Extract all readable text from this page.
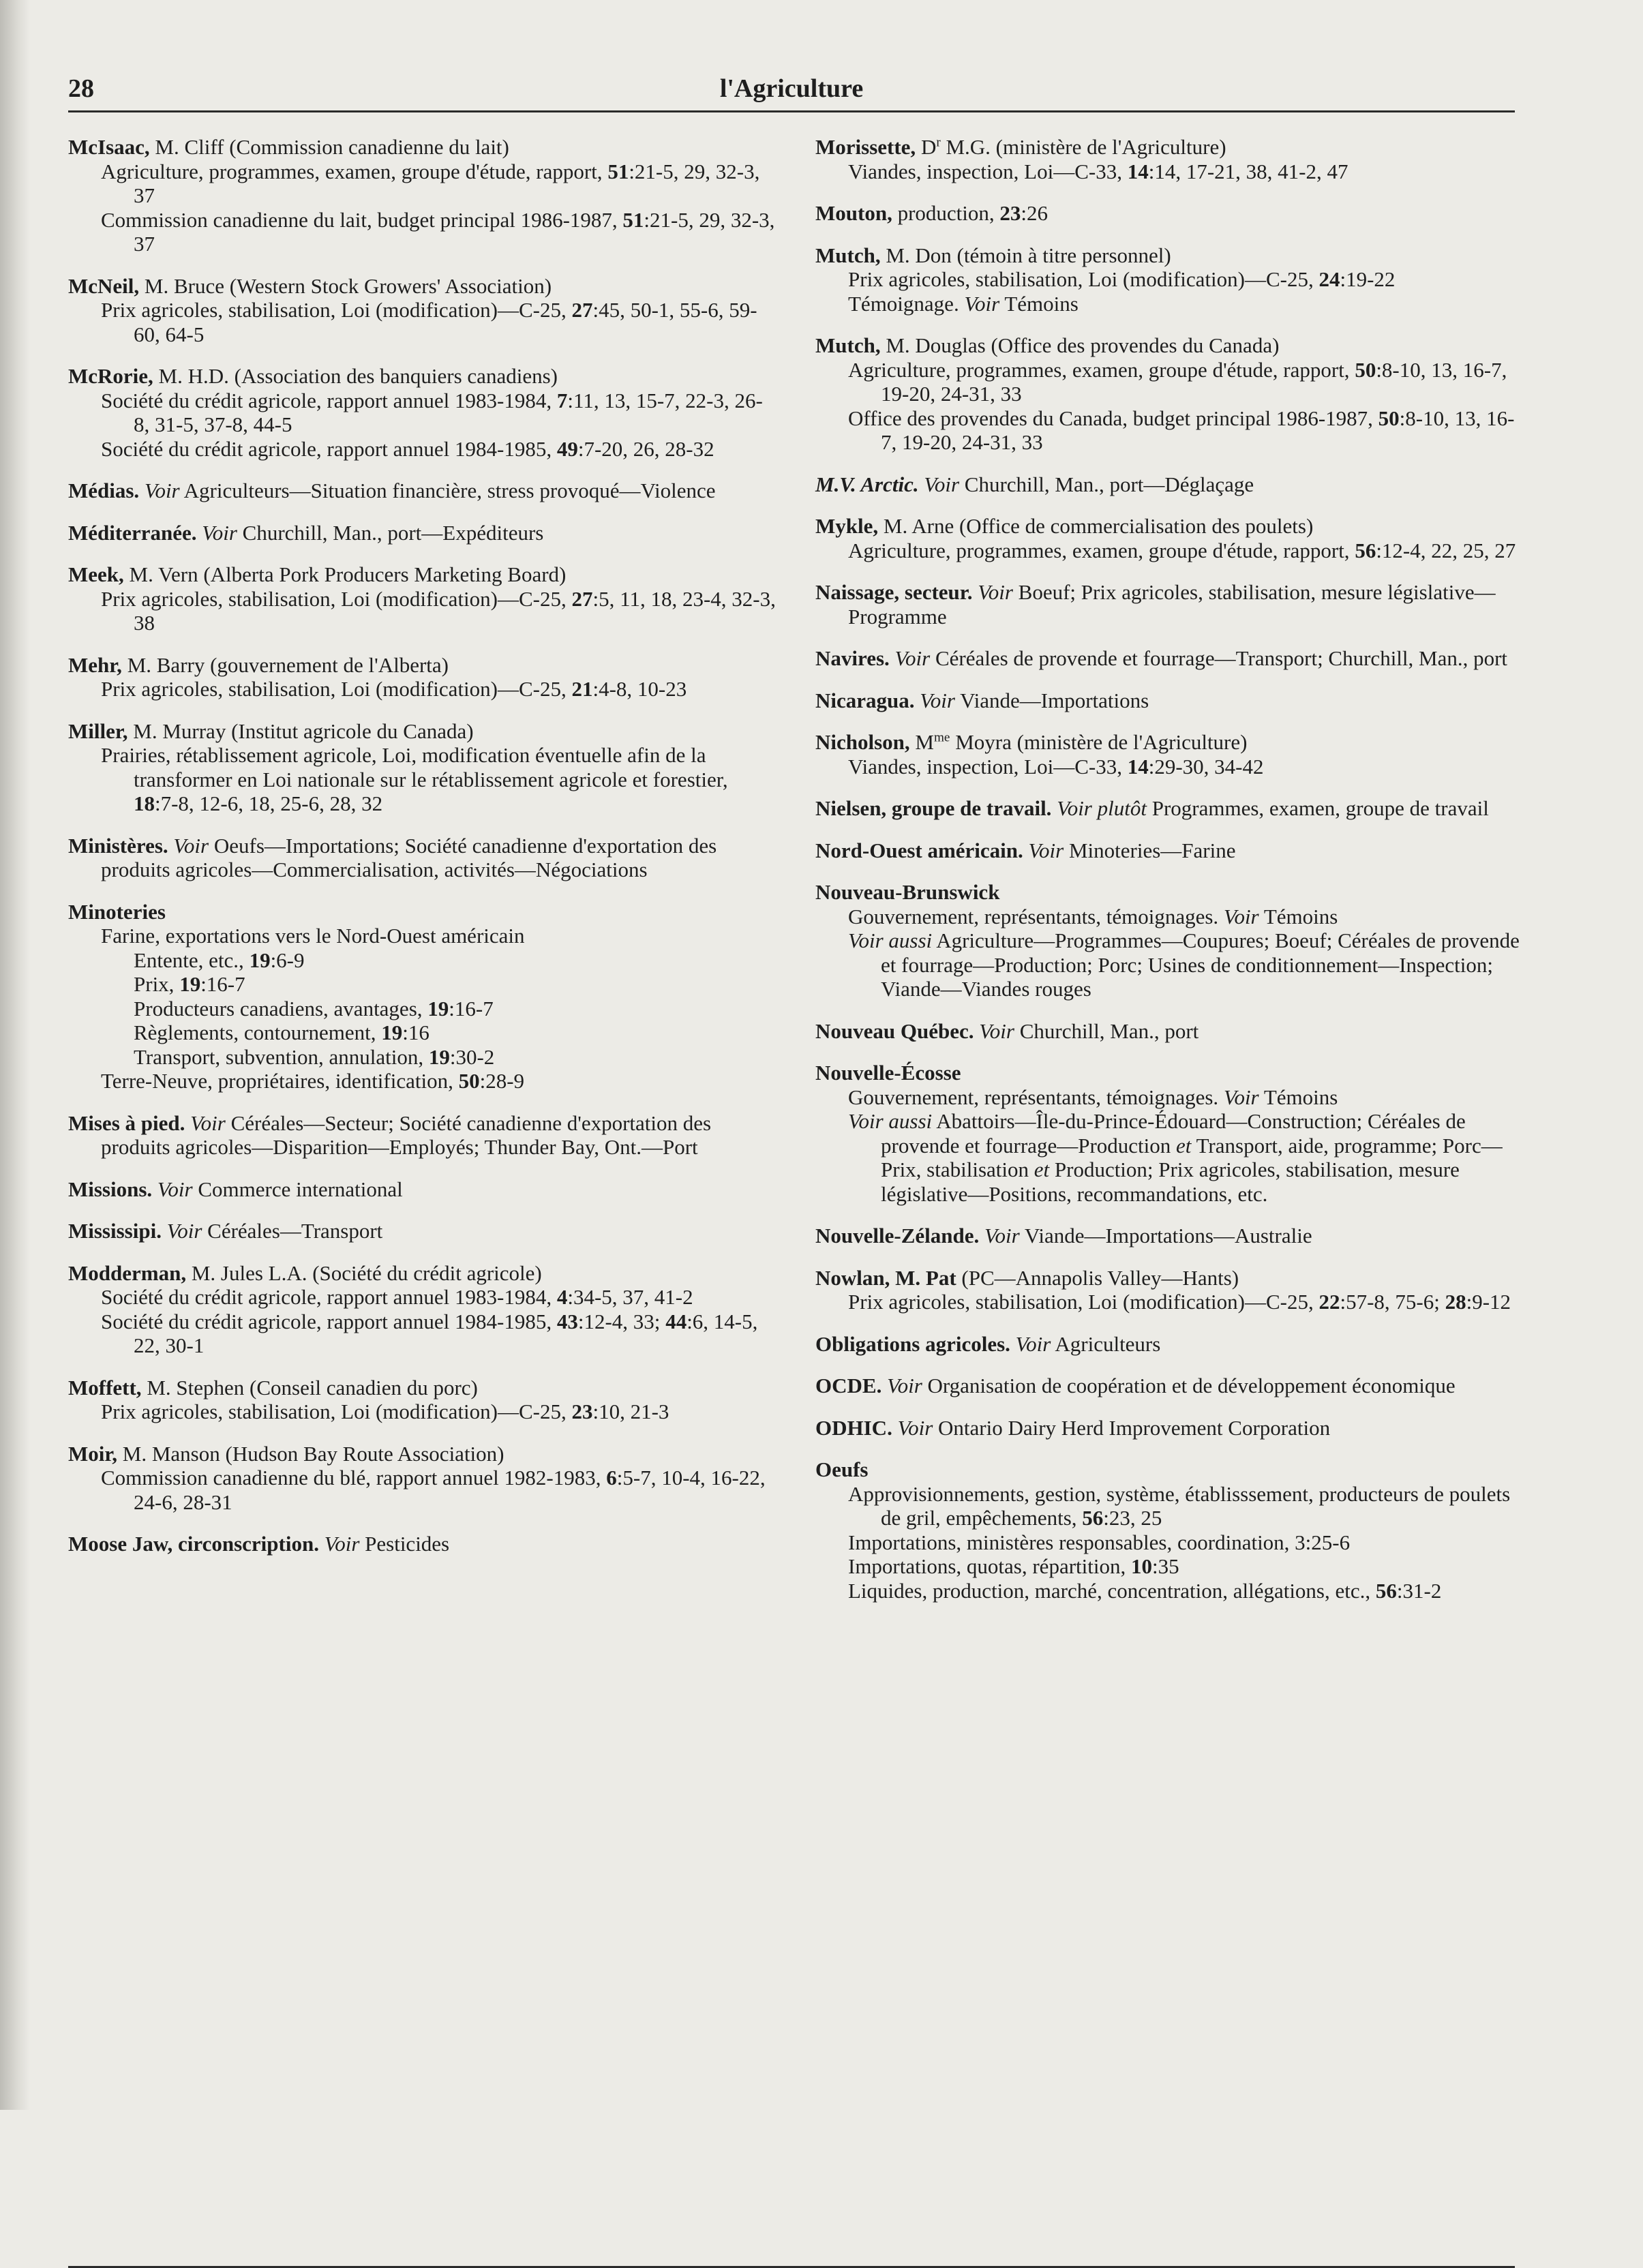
28	l'Agriculture
McIsaac, M. Cliff (Commission canadienne du lait)
Agriculture, programmes, examen, groupe d'étude, rapport, 51:21-5, 29, 32-3, 37
Commission canadienne du lait, budget principal 1986-1987, 51:21-5, 29, 32-3, 37
McNeil, M. Bruce (Western Stock Growers' Association)
Prix agricoles, stabilisation, Loi (modification)—C-25, 27:45, 50-1, 55-6, 59-60, 64-5
McRorie, M. H.D. (Association des banquiers canadiens)
Société du crédit agricole, rapport annuel 1983-1984, 7:11, 13, 15-7, 22-3, 26-8, 31-5, 37-8, 44-5
Société du crédit agricole, rapport annuel 1984-1985, 49:7-20, 26, 28-32
Médias. Voir Agriculteurs—Situation financière, stress provoqué—Violence
Méditerranée. Voir Churchill, Man., port—Expéditeurs
Meek, M. Vern (Alberta Pork Producers Marketing Board)
Prix agricoles, stabilisation, Loi (modification)—C-25, 27:5, 11, 18, 23-4, 32-3, 38
Mehr, M. Barry (gouvernement de l'Alberta)
Prix agricoles, stabilisation, Loi (modification)—C-25, 21:4-8, 10-23
Miller, M. Murray (Institut agricole du Canada)
Prairies, rétablissement agricole, Loi, modification éventuelle afin de la transformer en Loi nationale sur le rétablissement agricole et forestier, 18:7-8, 12-6, 18, 25-6, 28, 32
Ministères. Voir Oeufs—Importations; Société canadienne d'exportation des produits agricoles—Commercialisation, activités—Négociations
Minoteries
Farine, exportations vers le Nord-Ouest américain
Entente, etc., 19:6-9
Prix, 19:16-7
Producteurs canadiens, avantages, 19:16-7
Règlements, contournement, 19:16
Transport, subvention, annulation, 19:30-2
Terre-Neuve, propriétaires, identification, 50:28-9
Mises à pied. Voir Céréales—Secteur; Société canadienne d'exportation des produits agricoles—Disparition—Employés; Thunder Bay, Ont.—Port
Missions. Voir Commerce international
Mississipi. Voir Céréales—Transport
Modderman, M. Jules L.A. (Société du crédit agricole)
Société du crédit agricole, rapport annuel 1983-1984, 4:34-5, 37, 41-2
Société du crédit agricole, rapport annuel 1984-1985, 43:12-4, 33; 44:6, 14-5, 22, 30-1
Moffett, M. Stephen (Conseil canadien du porc)
Prix agricoles, stabilisation, Loi (modification)—C-25, 23:10, 21-3
Moir, M. Manson (Hudson Bay Route Association)
Commission canadienne du blé, rapport annuel 1982-1983, 6:5-7, 10-4, 16-22, 24-6, 28-31
Moose Jaw, circonscription. Voir Pesticides
Morissette, $D^r$ M.G. (ministère de l'Agriculture)
Viandes, inspection, Loi—C-33, 14:14, 17-21, 38, 41-2, 47
Mouton, production, 23:26
Mutch, M. Don (témoin à titre personnel)
Prix agricoles, stabilisation, Loi (modification)—C-25, 24:19-22
Témoignage. Voir Témoins
Mutch, M. Douglas (Office des provendes du Canada)
Agriculture, programmes, examen, groupe d'étude, rapport, 50:8-10, 13, 16-7, 19-20, 24-31, 33
Office des provendes du Canada, budget principal 1986-1987, 50:8-10, 13, 16-7, 19-20, 24-31, 33
M.V. Arctic. Voir Churchill, Man., port—Déglaçage
Mykle, M. Arne (Office de commercialisation des poulets)
Agriculture, programmes, examen, groupe d'étude, rapport, 56:12-4, 22, 25, 27
Naissage, secteur. Voir Boeuf; Prix agricoles, stabilisation, mesure législative—Programme
Navires. Voir Céréales de provende et fourrage—Transport; Churchill, Man., port
Nicaragua. Voir Viande—Importations
Nicholson, $M^{me}$ Moyra (ministère de l'Agriculture)
Viandes, inspection, Loi—C-33, 14:29-30, 34-42
Nielsen, groupe de travail. Voir plutôt Programmes, examen, groupe de travail
Nord-Ouest américain. Voir Minoteries—Farine
Nouveau-Brunswick
Gouvernement, représentants, témoignages. Voir Témoins
Voir aussi Agriculture—Programmes—Coupures; Boeuf; Céréales de provende et fourrage—Production; Porc; Usines de conditionnement—Inspection; Viande—Viandes rouges
Nouveau Québec. Voir Churchill, Man., port
Nouvelle-Écosse
Gouvernement, représentants, témoignages. Voir Témoins
Voir aussi Abattoirs—Île-du-Prince-Édouard—Construction; Céréales de provende et fourrage—Production et Transport, aide, programme; Porc—Prix, stabilisation et Production; Prix agricoles, stabilisation, mesure législative—Positions, recommandations, etc.
Nouvelle-Zélande. Voir Viande—Importations—Australie
Nowlan, M. Pat (PC—Annapolis Valley—Hants)
Prix agricoles, stabilisation, Loi (modification)—C-25, 22:57-8, 75-6; 28:9-12
Obligations agricoles. Voir Agriculteurs
OCDE. Voir Organisation de coopération et de développement économique
ODHIC. Voir Ontario Dairy Herd Improvement Corporation
Oeufs
Approvisionnements, gestion, système, établisssement, producteurs de poulets de gril, empêchements, 56:23, 25
Importations, ministères responsables, coordination, 3:25-6
Importations, quotas, répartition, 10:35
Liquides, production, marché, concentration, allégations, etc., 56:31-2
